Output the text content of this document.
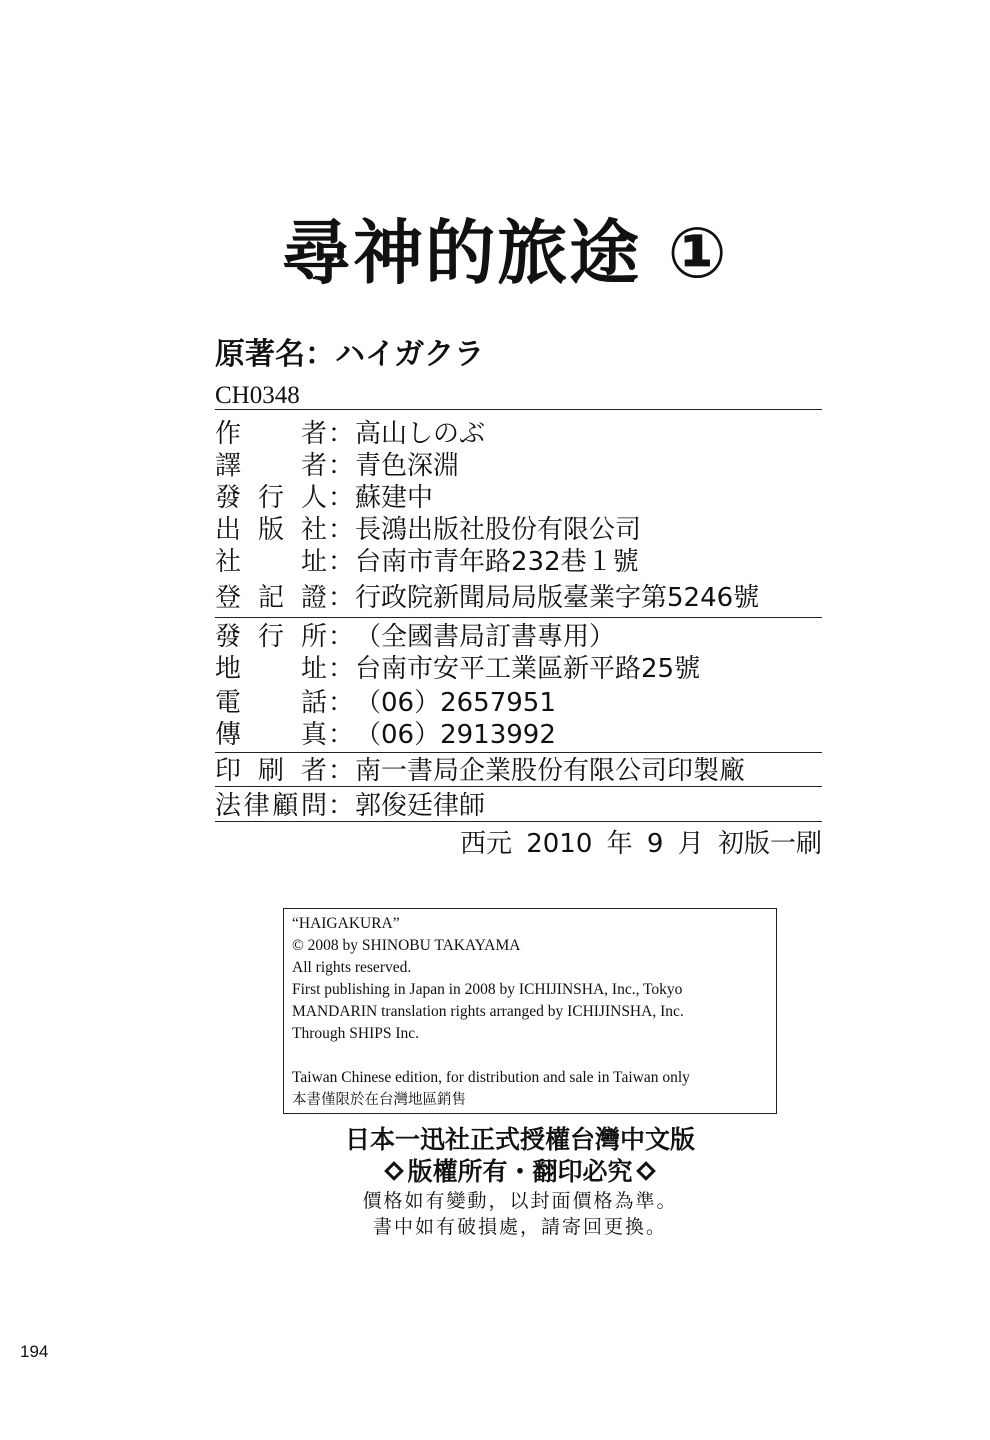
尋神的旅途 ①
原著名：ハイガクラ
CH0348
作 者 ： 高山しのぶ
譯 者 ： 青色深淵
發 行 人 ： 蘇建中
出 版 社 ： 長鴻出版社股份有限公司
社 址 ： 台南市青年路232巷１號
登 記 證 ： 行政院新聞局局版臺業字第5246號
發 行 所 ： （全國書局訂書專用）
地 址 ： 台南市安平工業區新平路25號
電 話 ： （06）2657951
傳 真 ： （06）2913992
印 刷 者 ： 南一書局企業股份有限公司印製廠
法 律 顧 問 ： 郭俊廷律師
西元 2010 年 9 月 初版一刷
“HAIGAKURA”
© 2008 by SHINOBU TAKAYAMA
All rights reserved.
First publishing in Japan in 2008 by ICHIJINSHA, Inc., Tokyo
MANDARIN translation rights arranged by ICHIJINSHA, Inc.
Through SHIPS Inc.
Taiwan Chinese edition, for distribution and sale in Taiwan only
本書僅限於在台灣地區銷售
日本一迅社正式授權台灣中文版
版權所有・翻印必究
價格如有變動，以封面價格為準。
書中如有破損處，請寄回更換。
194
